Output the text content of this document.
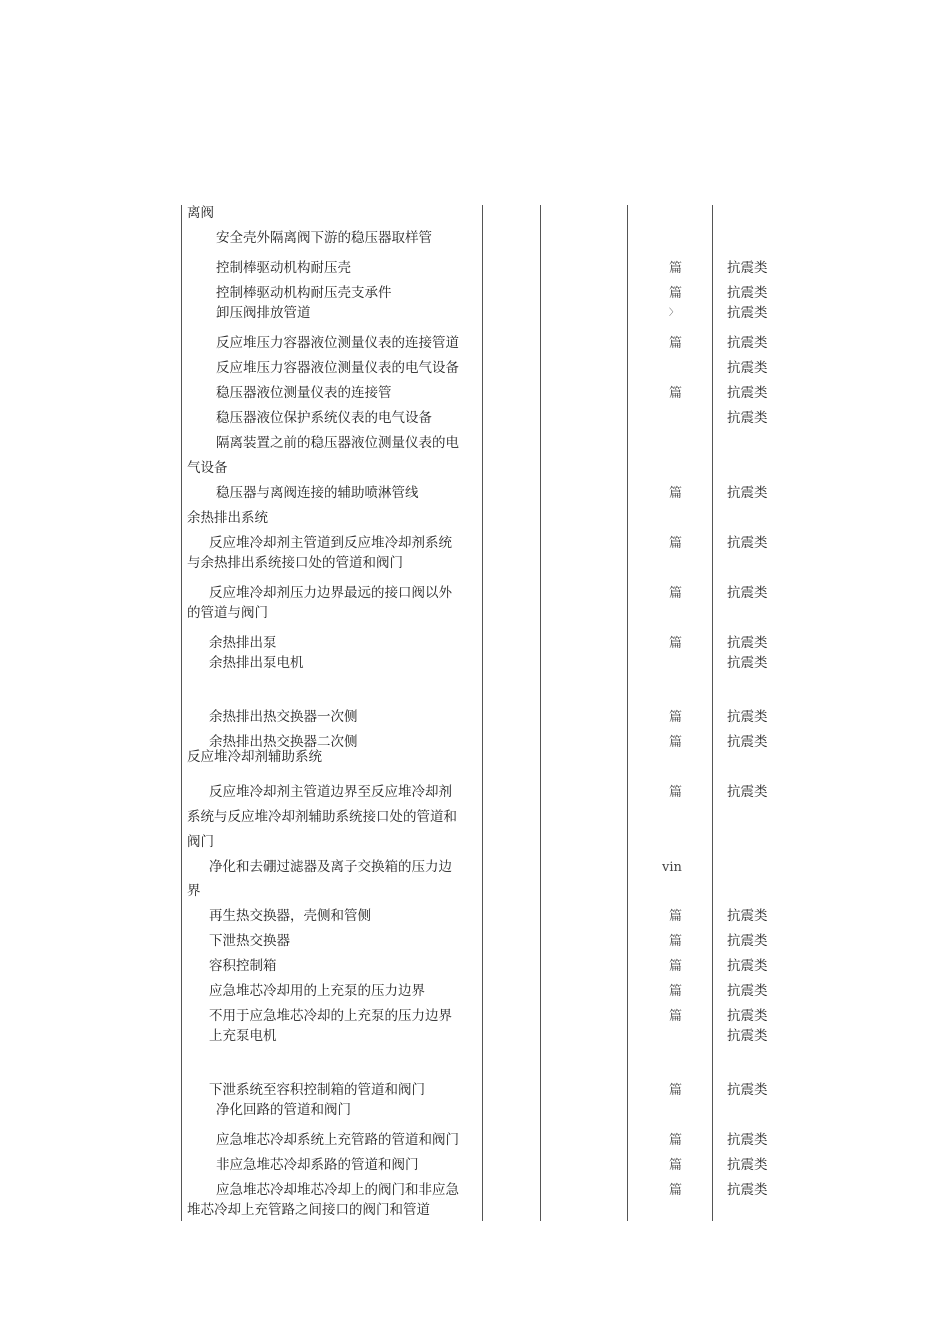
离阀
安全壳外隔离阀下游的稳压器取样管
控制棒驱动机构耐压壳	篇	抗震类
控制棒驱动机构耐压壳支承件	篇	抗震类
卸压阀排放管道	〉	抗震类
反应堆压力容器液位测量仪表的连接管道	篇	抗震类
反应堆压力容器液位测量仪表的电气设备	抗震类
稳压器液位测量仪表的连接管	篇	抗震类
稳压器液位保护系统仪表的电气设备	抗震类
隔离装置之前的稳压器液位测量仪表的电
气设备
稳压器与离阀连接的辅助喷淋管线	篇	抗震类
余热排出系统
反应堆冷却剂主管道到反应堆冷却剂系统	篇	抗震类
与余热排出系统接口处的管道和阀门
反应堆冷却剂压力边界最远的接口阀以外	篇	抗震类
的管道与阀门
余热排出泵	篇	抗震类
余热排出泵电机	抗震类
余热排出热交换器一次侧	篇	抗震类
余热排出热交换器二次侧	篇	抗震类
反应堆冷却剂辅助系统
反应堆冷却剂主管道边界至反应堆冷却剂	篇	抗震类
系统与反应堆冷却剂辅助系统接口处的管道和
阀门
净化和去硼过滤器及离子交换箱的压力边	vin
界
再生热交换器，壳侧和管侧	篇	抗震类
下泄热交换器	篇	抗震类
容积控制箱	篇	抗震类
应急堆芯冷却用的上充泵的压力边界	篇	抗震类
不用于应急堆芯冷却的上充泵的压力边界	篇	抗震类
上充泵电机	抗震类
下泄系统至容积控制箱的管道和阀门	篇	抗震类
净化回路的管道和阀门
应急堆芯冷却系统上充管路的管道和阀门	篇	抗震类
非应急堆芯冷却系路的管道和阀门	篇	抗震类
应急堆芯冷却堆芯冷却上的阀门和非应急	篇	抗震类
堆芯冷却上充管路之间接口的阀门和管道
